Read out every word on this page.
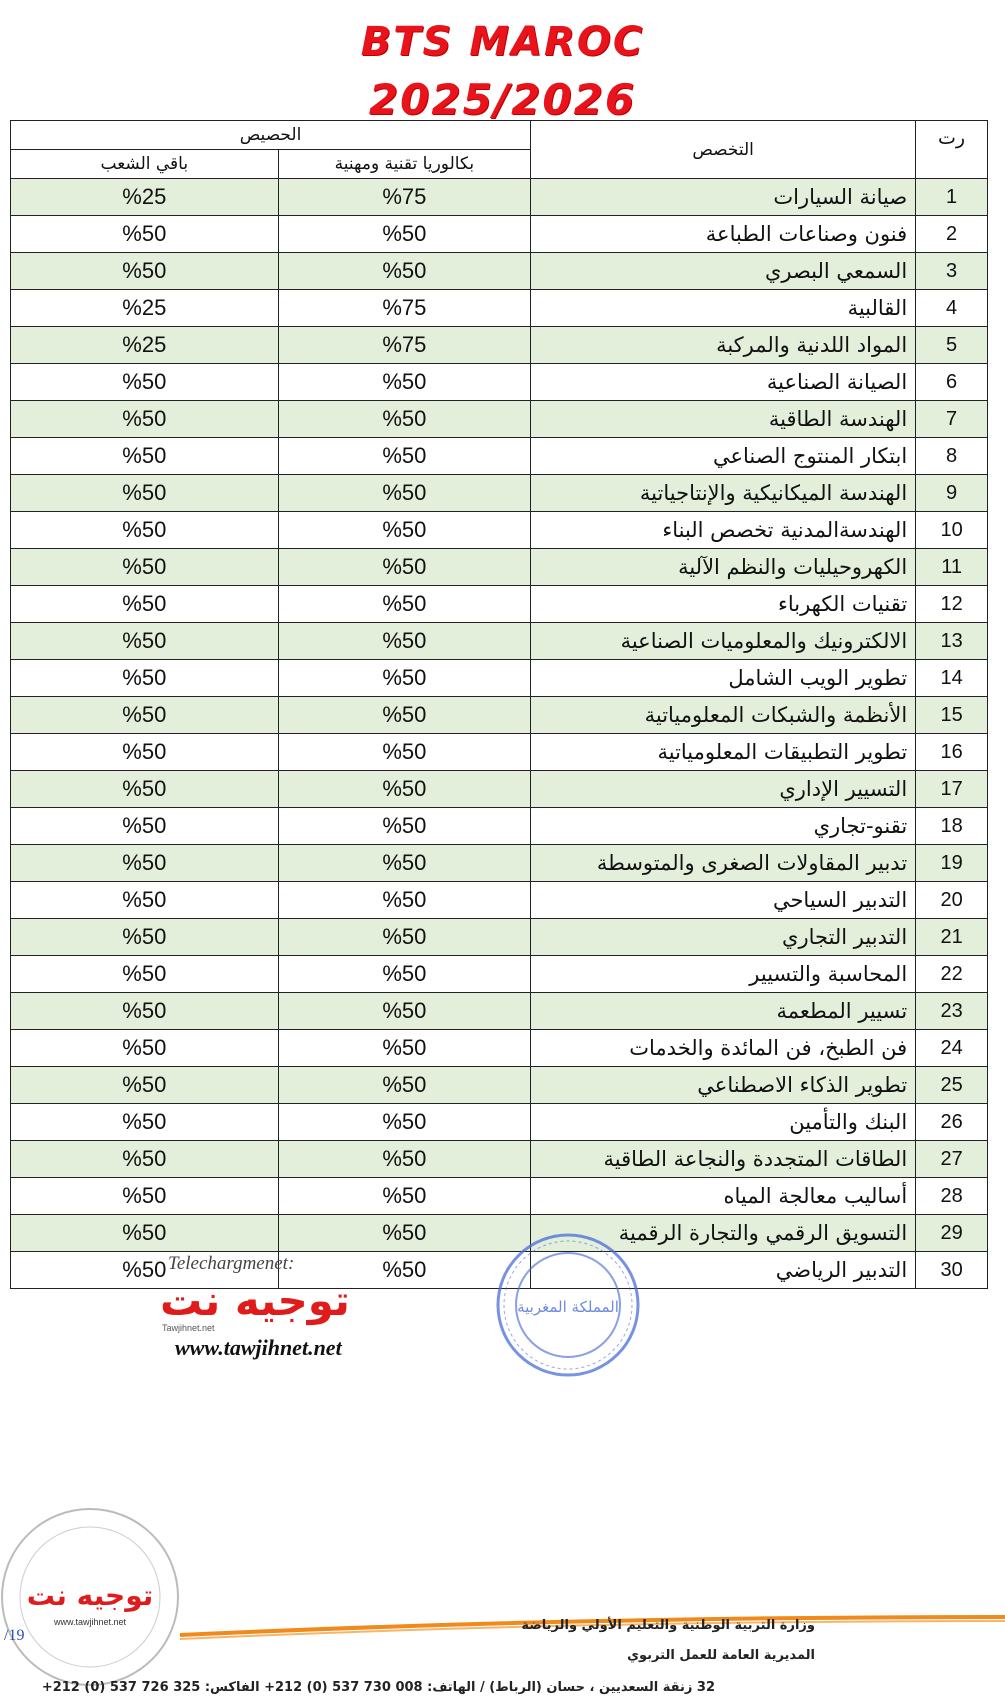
BTS MAROC
2025/2026
الحصيص		التخصص	رت
باقي الشعب	بكالوريا تقنية ومهنية		
%25	%75	صيانة السيارات	1
%50	%50	فنون وصناعات الطباعة	2
%50	%50	السمعي البصري	3
%25	%75	القالبية	4
%25	%75	المواد اللدنية والمركبة	5
%50	%50	الصيانة الصناعية	6
%50	%50	الهندسة الطاقية	7
%50	%50	ابتكار المنتوج الصناعي	8
%50	%50	الهندسة الميكانيكية والإنتاجياتية	9
%50	%50	الهندسةالمدنية تخصص البناء	10
%50	%50	الكهروحيليات والنظم الآلية	11
%50	%50	تقنيات الكهرباء	12
%50	%50	الالكترونيك والمعلوميات الصناعية	13
%50	%50	تطوير الويب الشامل	14
%50	%50	الأنظمة والشبكات المعلومياتية	15
%50	%50	تطوير التطبيقات المعلومياتية	16
%50	%50	التسيير الإداري	17
%50	%50	تقنو-تجاري	18
%50	%50	تدبير المقاولات الصغرى والمتوسطة	19
%50	%50	التدبير السياحي	20
%50	%50	التدبير التجاري	21
%50	%50	المحاسبة والتسيير	22
%50	%50	تسيير المطعمة	23
%50	%50	فن الطبخ، فن المائدة والخدمات	24
%50	%50	تطوير الذكاء الاصطناعي	25
%50	%50	البنك والتأمين	26
%50	%50	الطاقات المتجددة والنجاعة الطاقية	27
%50	%50	أساليب معالجة المياه	28
%50	%50	التسويق الرقمي والتجارة الرقمية	29
%50	%50	التدبير الرياضي	30
Telechargmenet:
توجيه نت
Tawjihnet.net
www.tawjihnet.net
المملكة المغربية
توجيه نت
www.tawjihnet.net
/19
وزارة التربية الوطنية والتعليم الأولي والرياضة
المديرية العامة للعمل التربوي
32 زنقة السعديين ، حسان (الرباط) / الهاتف: 008 730 537 (0) 212+ الفاكس: 325 726 537 (0) 212+
